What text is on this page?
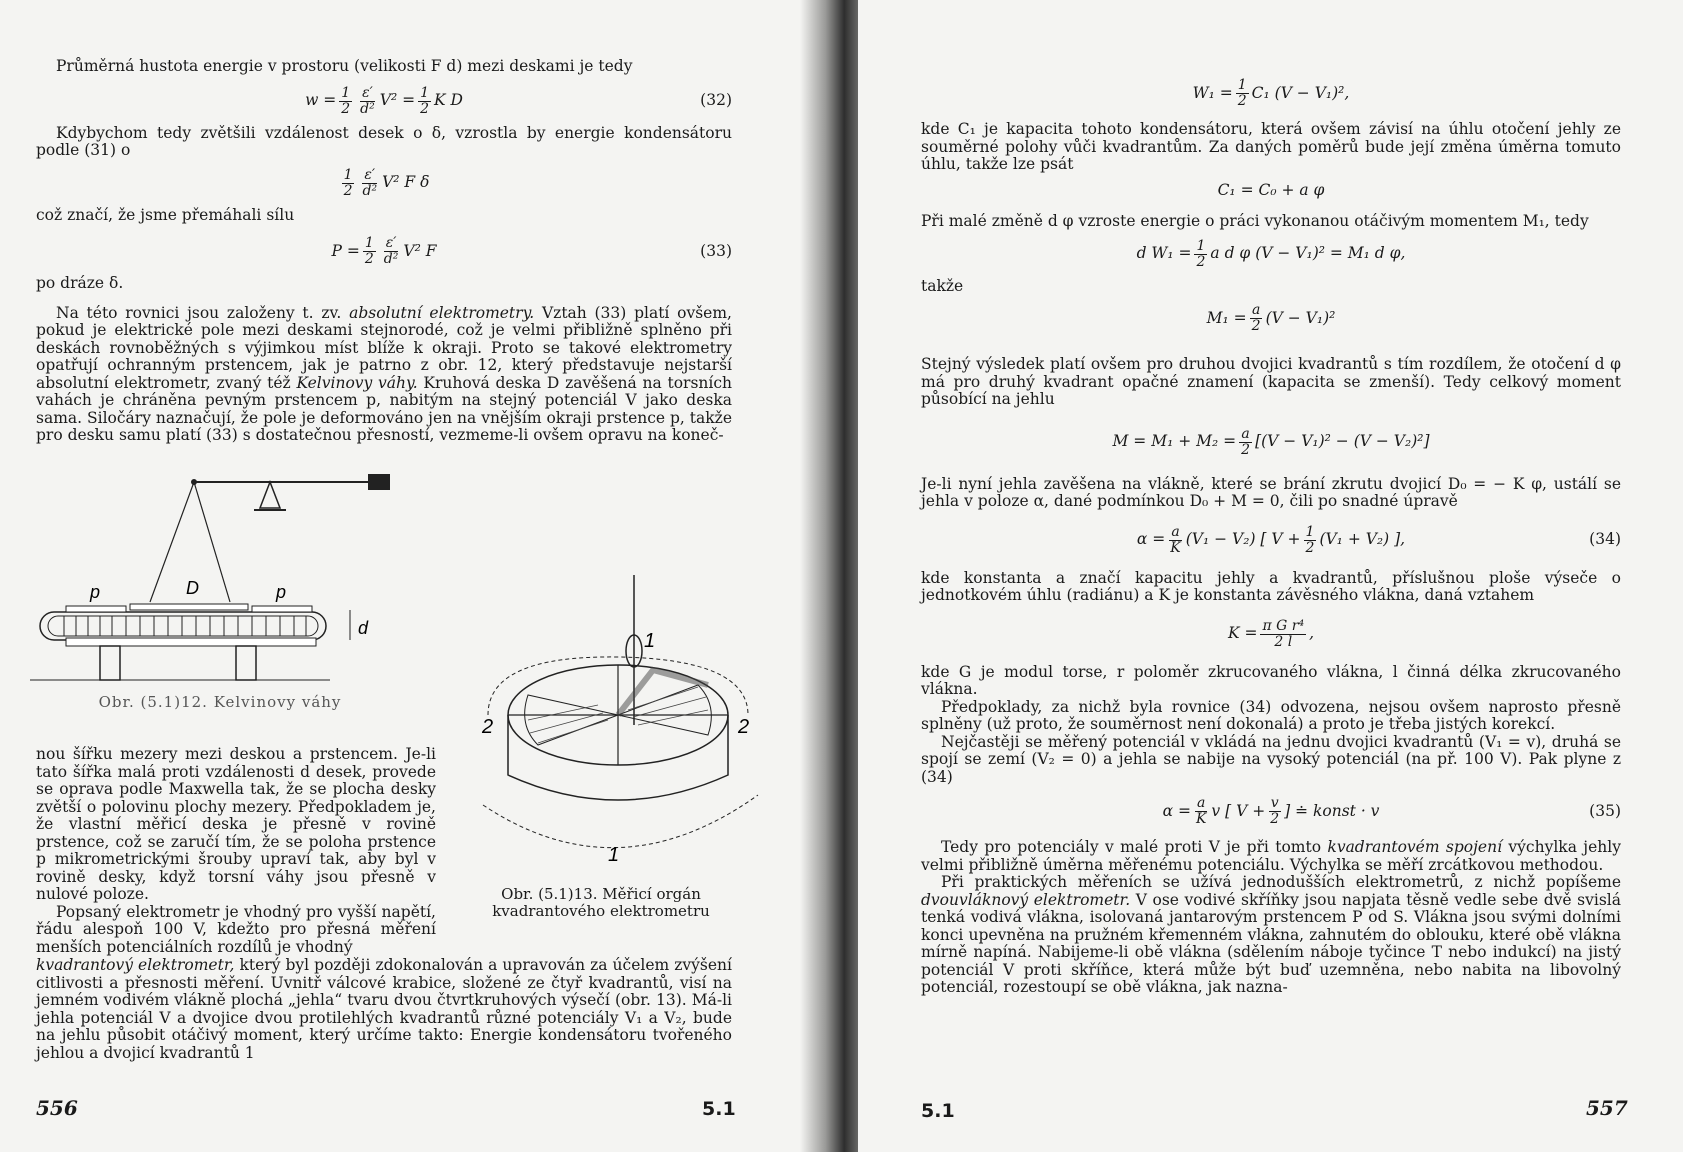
Průměrná hustota energie v prostoru (velikosti F d) mezi deskami je tedy

$w = \frac{1}{2} \frac{\varepsilon'}{\text{d²}} V^2 = \frac{1}{2}$ K D	(32)

Kdybychom tedy zvětšili vzdálenost desek o δ, vzrostla by energie kondensátoru podle (31) o

$\frac{1}{2} \frac{\varepsilon'}{\text{d²}} V^2$ F δ

což značí, že jsme přemáhali sílu

$P = \frac{1}{2} \frac{\varepsilon'}{\text{d²}} V^2$ F	(33)

po dráze δ.

Na této rovnici jsou založeny t. zv. absolutní elektrometry. Vztah (33) platí ovšem, pokud je elektrické pole mezi deskami stejnorodé, což je velmi přibližně splněno při deskách rovnoběžných s výjimkou míst blíže k okraji. Proto se takové elektrometry opatřují ochranným prstencem, jak je patrno z obr. 12, který představuje nejstarší absolutní elektrometr, zvaný též Kelvinovy váhy. Kruhová deska D zavěšená na torsních vahách je chráněna pevným prstencem p, nabitým na stejný potenciál V jako deska sama. Siločáry naznačují, že pole je deformováno jen na vnějším okraji prstence p, takže pro desku samu platí (33) s dostatečnou přesností, vezmeme-li ovšem opravu na koneč-

p	D	p
d
Obr. (5.1)12. Kelvinovy váhy
1
2	2
1
Obr. (5.1)13. Měřicí orgán kvadrantového elektrometru

nou šířku mezery mezi deskou a prstencem. Je-li tato šířka malá proti vzdálenosti d desek, provede se oprava podle Maxwella tak, že se plocha desky zvětší o polovinu plochy mezery. Předpokladem je, že vlastní měřicí deska je přesně v rovině prstence, což se zaručí tím, že se poloha prstence p mikrometrickými šrouby upraví tak, aby byl v rovině desky, když torsní váhy jsou přesně v nulové poloze.

Popsaný elektrometr je vhodný pro vyšší napětí, řádu alespoň 100 V, kdežto pro přesná měření menších potenciálních rozdílů je vhodný

kvadrantový elektrometr, který byl později zdokonalován a upravován za účelem zvýšení citlivosti a přesnosti měření. Uvnitř válcové krabice, složené ze čtyř kvadrantů, visí na jemném vodivém vlákně plochá „jehla“ tvaru dvou čtvrtkruhových výsečí (obr. 13). Má-li jehla potenciál V a dvojice dvou protilehlých kvadrantů různé potenciály V₁ a V₂, bude na jehlu působit otáčivý moment, který určíme takto: Energie kondensátoru tvořeného jehlou a dvojicí kvadrantů 1

556	5.1
$W_1 = \frac{1}{2} C_1$ (V − V₁)²,

kde C₁ je kapacita tohoto kondensátoru, která ovšem závisí na úhlu otočení jehly ze souměrné polohy vůči kvadrantům. Za daných poměrů bude její změna úměrna tomuto úhlu, takže lze psát

C₁ = C₀ + a φ

Při malé změně d φ vzroste energie o práci vykonanou otáčivým momentem M₁, tedy

d $W_1 = \frac{1}{2}$ a d φ (V − V₁)² = M₁ d φ,

takže

$M_1 = \frac{a}{2} (V - V_1)^2$

Stejný výsledek platí ovšem pro druhou dvojici kvadrantů s tím rozdílem, že otočení d φ má pro druhý kvadrant opačné znamení (kapacita se zmenší). Tedy celkový moment působící na jehlu

$M = M_1 + M_2 = \frac{a}{2} [(V - V_1)^2 - (V - V_2)^2]$

Je-li nyní jehla zavěšena na vlákně, které se brání zkrutu dvojicí D₀ = − K φ, ustálí se jehla v poloze α, dané podmínkou D₀ + M = 0, čili po snadné úpravě

$\alpha = \frac{a}{K} (V_1 - V_2)$ [ $V + \frac{1}{2} (V_1 + V_2)$ ],	(34)

kde konstanta a značí kapacitu jehly a kvadrantů, příslušnou ploše výseče o jednotkovém úhlu (radiánu) a K je konstanta závěsného vlákna, daná vztahem

$K = \frac{\text{π G r⁴}}{2 l}$ ,

kde G je modul torse, r poloměr zkrucovaného vlákna, l činná délka zkrucovaného vlákna.

Předpoklady, za nichž byla rovnice (34) odvozena, nejsou ovšem naprosto přesně splněny (už proto, že souměrnost není dokonalá) a proto je třeba jistých korekcí.

Nejčastěji se měřený potenciál v vkládá na jednu dvojici kvadrantů (V₁ = v), druhá se spojí se zemí (V₂ = 0) a jehla se nabije na vysoký potenciál (na př. 100 V). Pak plyne z (34)

$\alpha = \frac{a}{K}$ v [ $V + \frac{v}{2}$ ] ≐ konst · v	(35)

Tedy pro potenciály v malé proti V je při tomto kvadrantovém spojení výchylka jehly velmi přibližně úměrna měřenému potenciálu. Výchylka se měří zrcátkovou methodou.

Při praktických měřeních se užívá jednodušších elektrometrů, z nichž popíšeme dvouvláknový elektrometr. V ose vodivé skříňky jsou napjata těsně vedle sebe dvě svislá tenká vodivá vlákna, isolovaná jantarovým prstencem P od S. Vlákna jsou svými dolními konci upevněna na pružném křemenném vlákna, zahnutém do oblouku, které obě vlákna mírně napíná. Nabijeme-li obě vlákna (sdělením náboje tyčince T nebo indukcí) na jistý potenciál V proti skříňce, která může být buď uzemněna, nebo nabita na libovolný potenciál, rozestoupí se obě vlákna, jak nazna-

5.1	557
